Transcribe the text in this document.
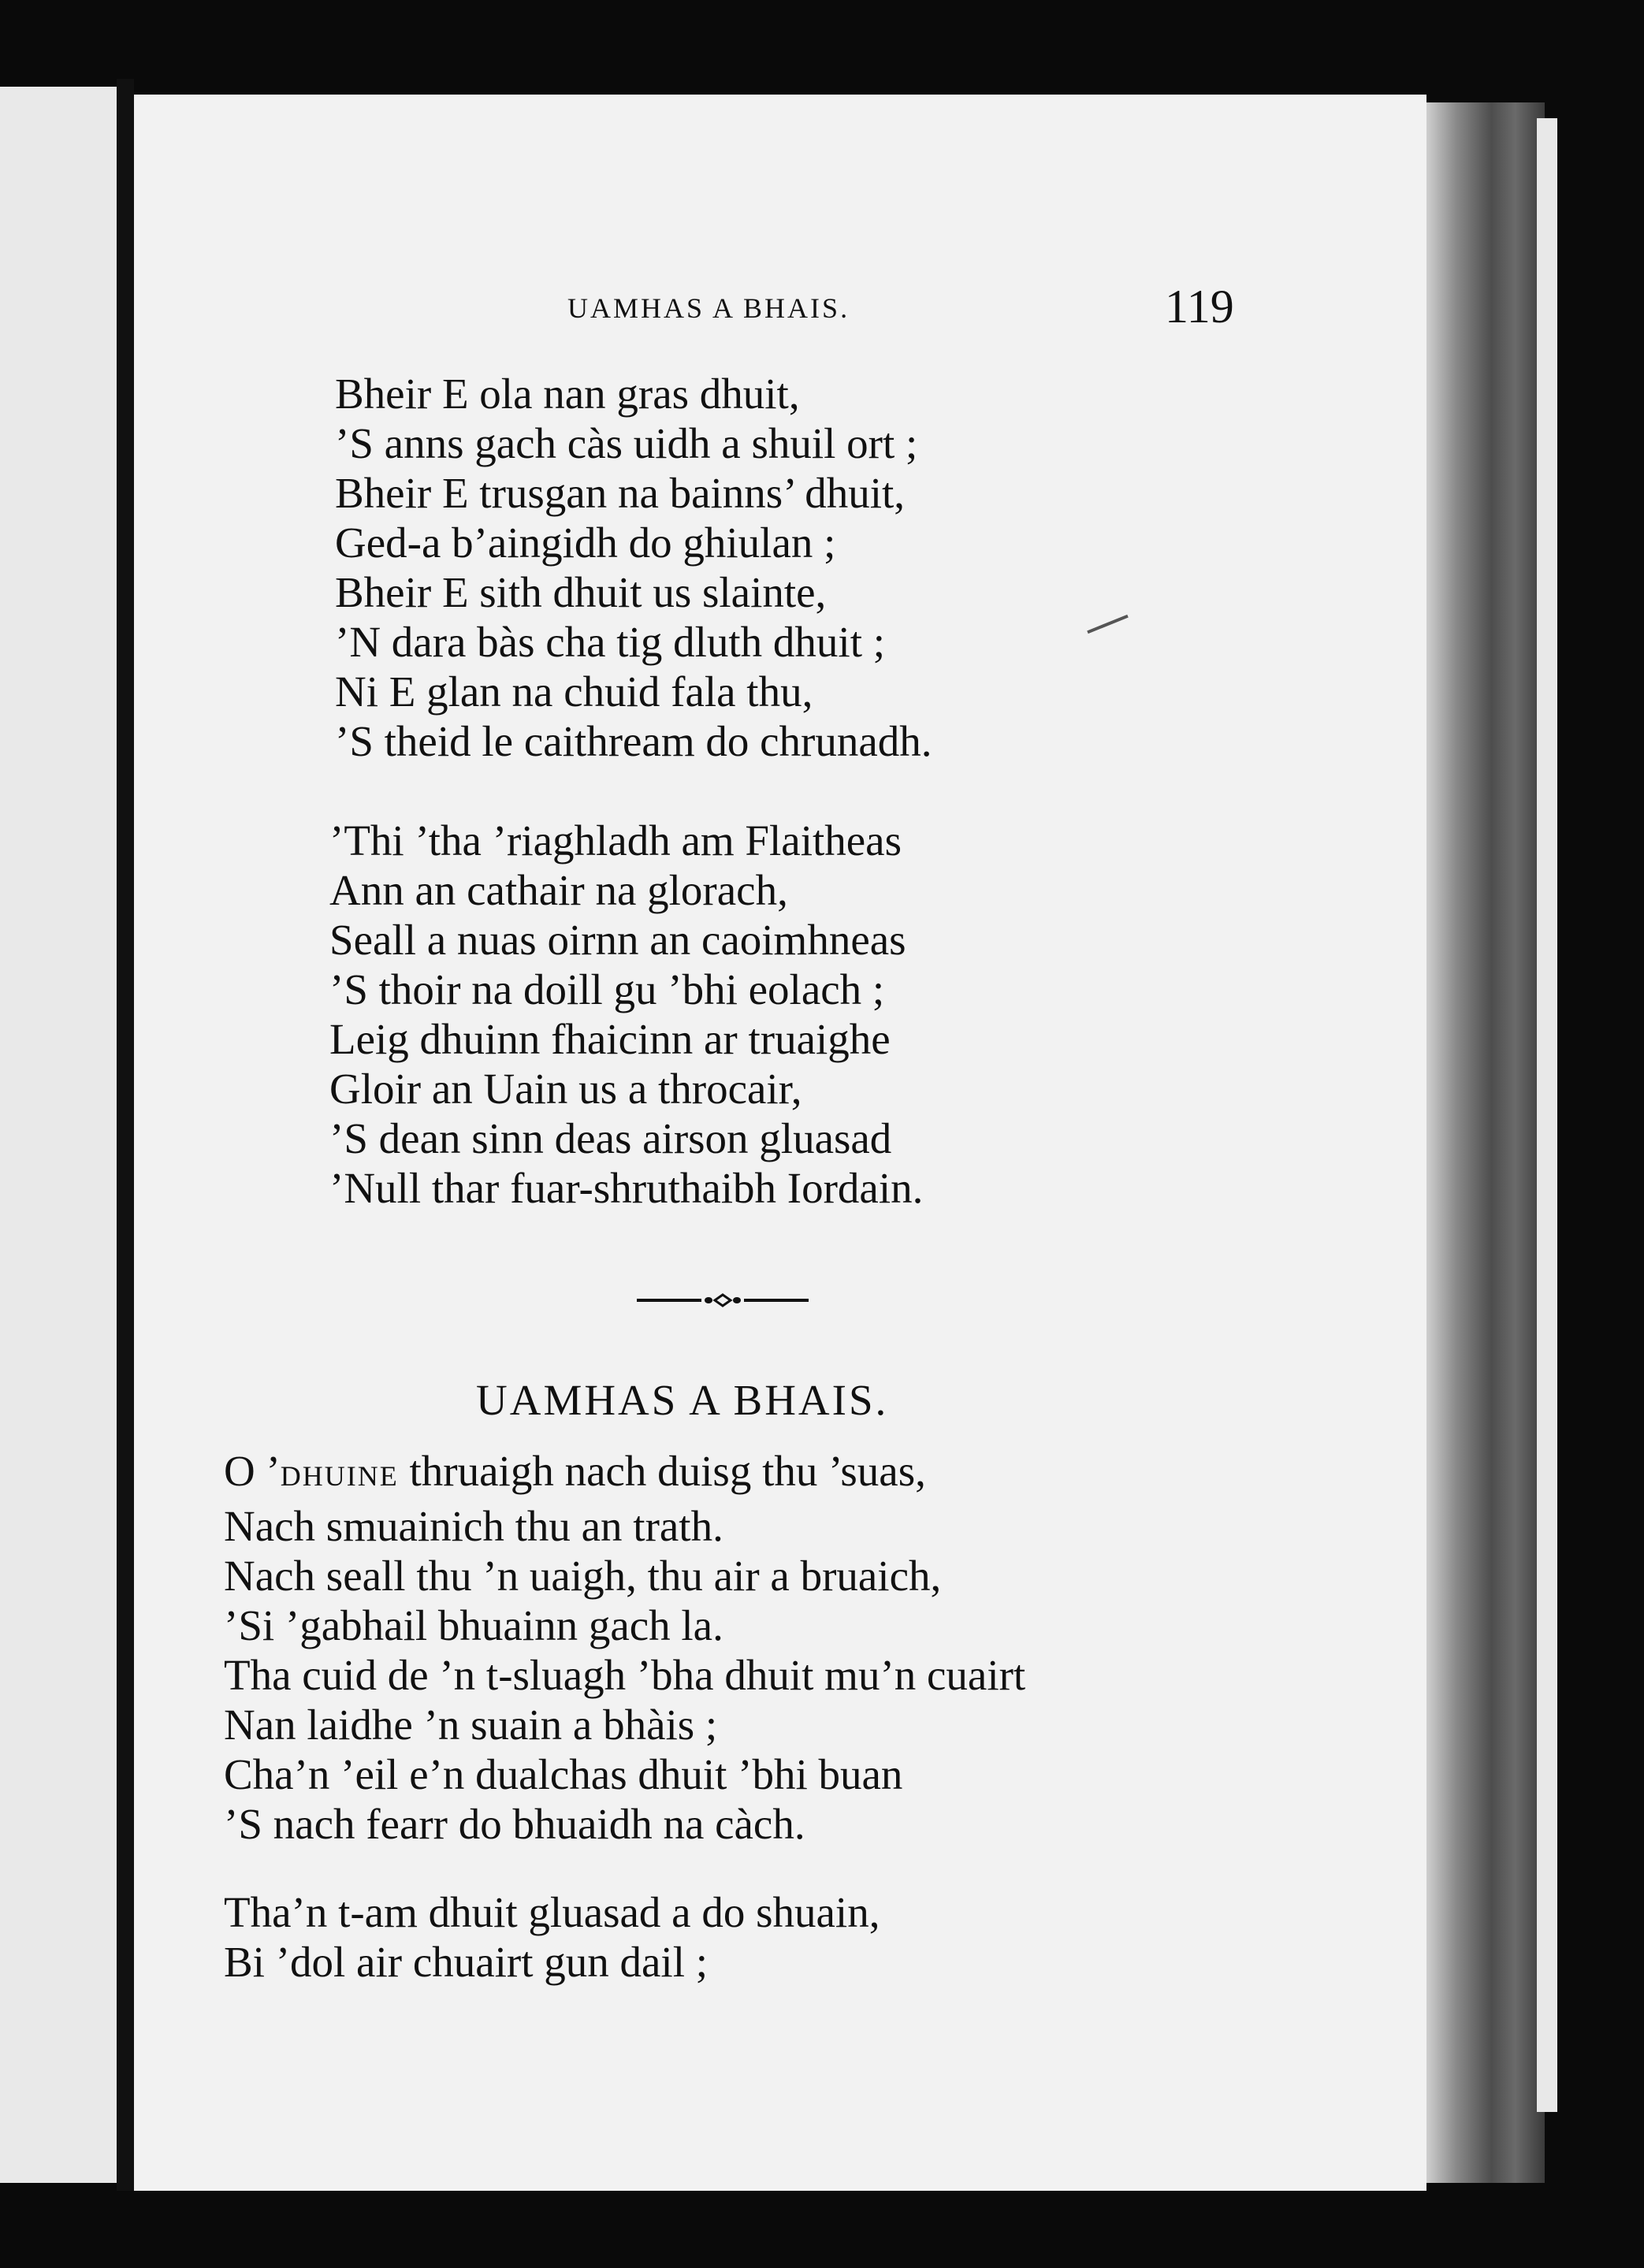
UAMHAS A BHAIS.	119
Bheir E ola nan gras dhuit,
’S anns gach càs uidh a shuil ort ;
Bheir E trusgan na bainns’ dhuit,
Ged-a b’aingidh do ghiulan ;
Bheir E sith dhuit us slainte,
’N dara bàs cha tig dluth dhuit ;
Ni E glan na chuid fala thu,
’S theid le caithream do chrunadh.
’Thi ’tha ’riaghladh am Flaitheas
Ann an cathair na glorach,
Seall a nuas oirnn an caoimhneas
’S thoir na doill gu ’bhi eolach ;
Leig dhuinn fhaicinn ar truaighe
Gloir an Uain us a throcair,
’S dean sinn deas airson gluasad
’Null thar fuar-shruthaibh Iordain.
UAMHAS A BHAIS.
O ’DHUINE thruaigh nach duisg thu ’suas,
Nach smuainich thu an trath.
Nach seall thu ’n uaigh, thu air a bruaich,
’Si ’gabhail bhuainn gach la.
Tha cuid de ’n t-sluagh ’bha dhuit mu’n cuairt
Nan laidhe ’n suain a bhàis ;
Cha’n ’eil e’n dualchas dhuit ’bhi buan
’S nach fearr do bhuaidh na càch.
Tha’n t-am dhuit gluasad a do shuain,
Bi ’dol air chuairt gun dail ;
